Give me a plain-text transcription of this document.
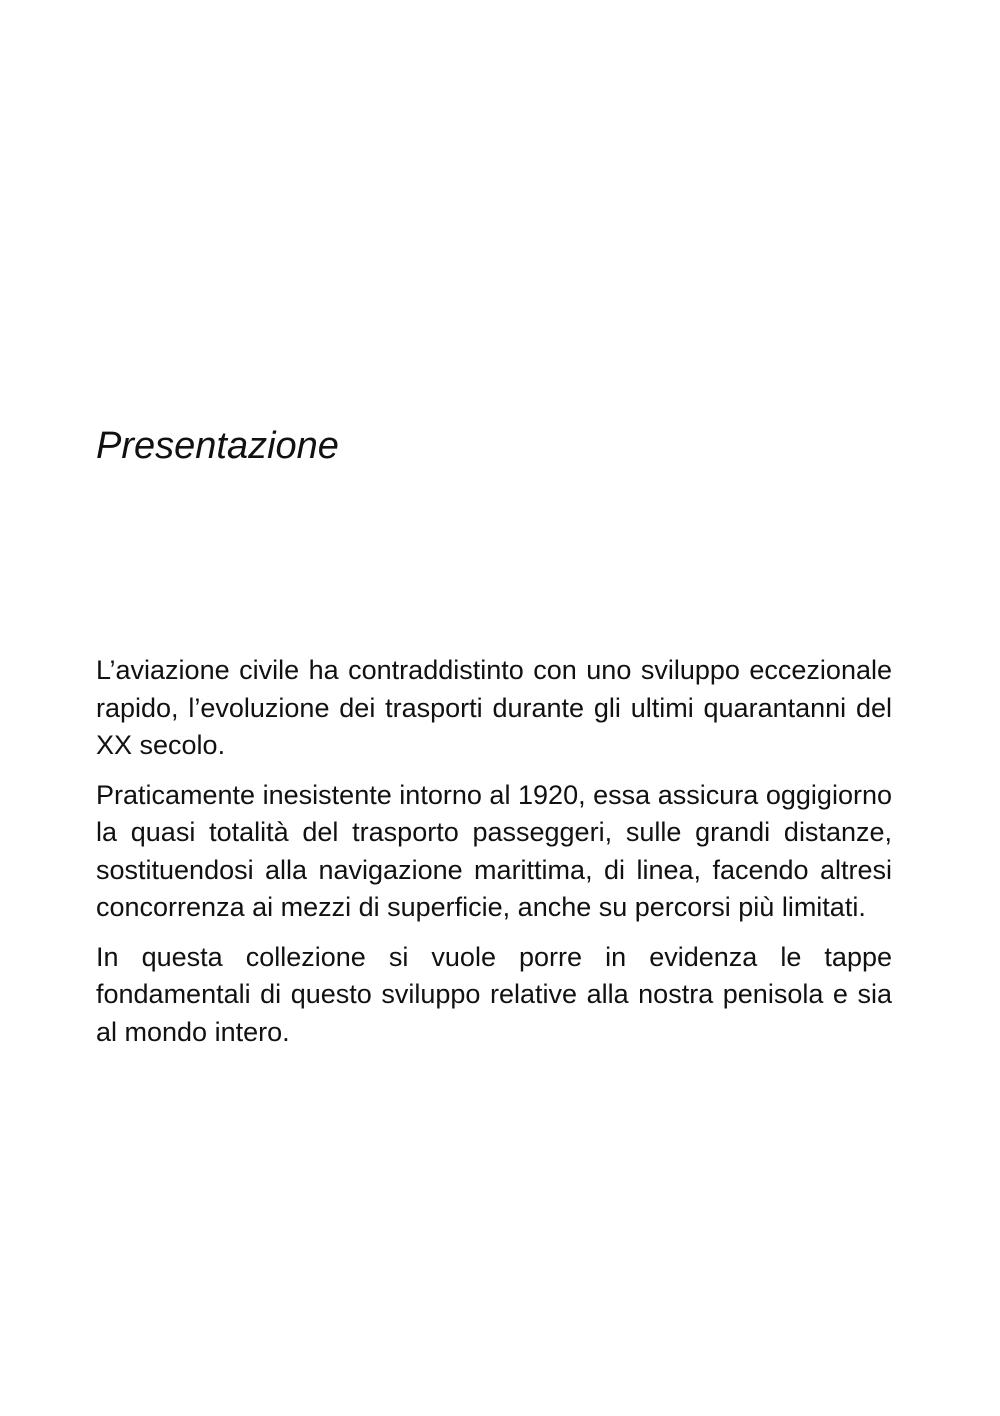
Presentazione

L’aviazione civile ha contraddistinto con uno sviluppo eccezionale rapido, l’evoluzione dei trasporti durante gli ultimi quarantanni del XX secolo.

Praticamente inesistente intorno al 1920, essa assicura oggigiorno la quasi totalità del trasporto passeggeri, sulle grandi distanze, sostituendosi alla navigazione marittima, di linea, facendo altresi concorrenza ai mezzi di superficie, anche su percorsi più limitati.

In questa collezione si vuole porre in evidenza le tappe fondamentali di questo sviluppo relative alla nostra penisola e sia al mondo intero.
